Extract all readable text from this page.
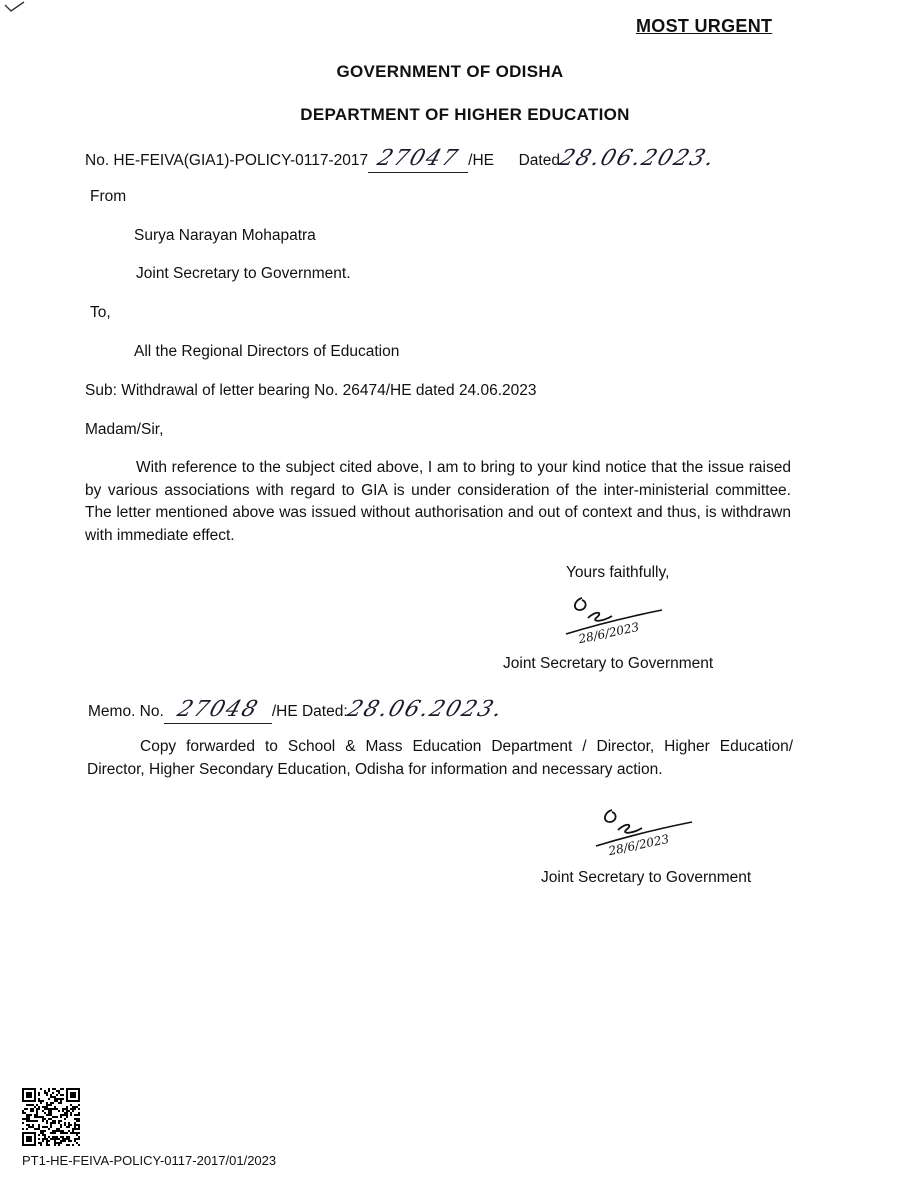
MOST URGENT
GOVERNMENT OF ODISHA
DEPARTMENT OF HIGHER EDUCATION
No. HE-FEIVA(GIA1)-POLICY-0117-2017 27047 /HE Dated28.06.2023.
From
Surya Narayan Mohapatra
Joint Secretary to Government.
To,
All the Regional Directors of Education
Sub: Withdrawal of letter bearing No. 26474/HE dated 24.06.2023
Madam/Sir,

With reference to the subject cited above, I am to bring to your kind notice that the issue raised by various associations with regard to GIA is under consideration of the inter-ministerial committee. The letter mentioned above was issued without authorisation and out of context and thus, is withdrawn with immediate effect.

Yours faithfully,
28/6/2023
Joint Secretary to Government
Memo. No. 27048 /HE Dated:28.06.2023.

Copy forwarded to School & Mass Education Department / Director, Higher Education/ Director, Higher Secondary Education, Odisha for information and necessary action.

28/6/2023
Joint Secretary to Government
PT1-HE-FEIVA-POLICY-0117-2017/01/2023
